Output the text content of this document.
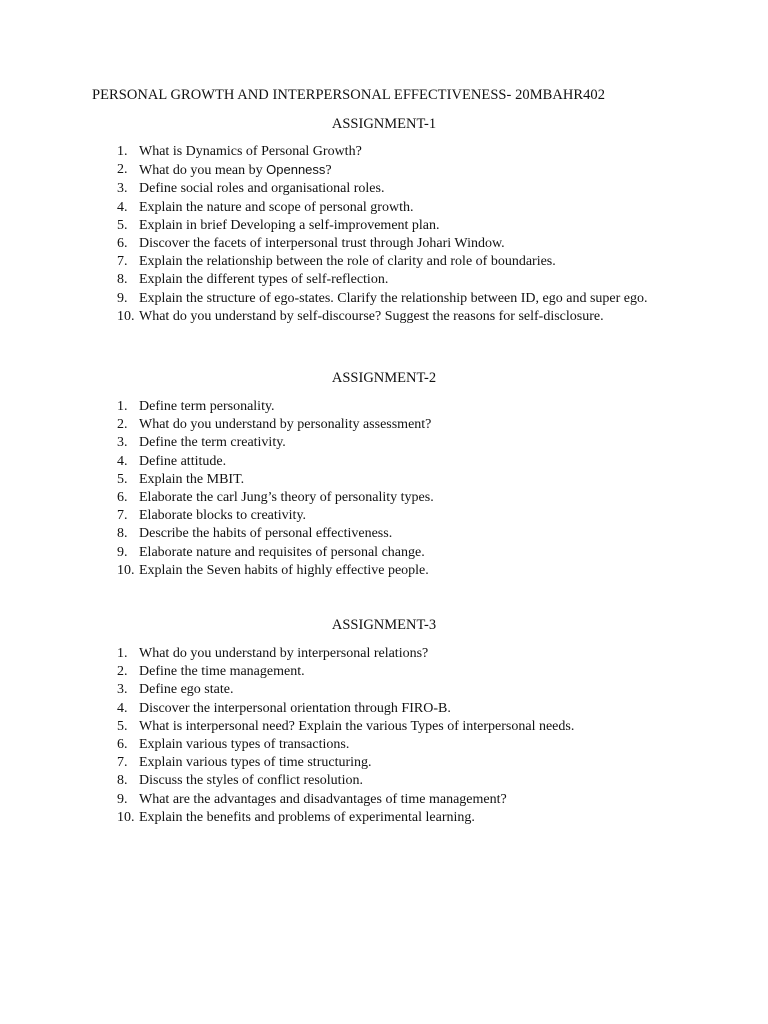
PERSONAL GROWTH AND INTERPERSONAL EFFECTIVENESS- 20MBAHR402
ASSIGNMENT-1
1. What is Dynamics of Personal Growth?
2. What do you mean by Openness?
3. Define social roles and organisational roles.
4. Explain the nature and scope of personal growth.
5. Explain in brief Developing a self-improvement plan.
6. Discover the facets of interpersonal trust through Johari Window.
7. Explain the relationship between the role of clarity and role of boundaries.
8. Explain the different types of self-reflection.
9. Explain the structure of ego-states. Clarify the relationship between ID, ego and super ego.
10. What do you understand by self-discourse? Suggest the reasons for self-disclosure.
ASSIGNMENT-2
1. Define term personality.
2. What do you understand by personality assessment?
3. Define the term creativity.
4. Define attitude.
5. Explain the MBIT.
6. Elaborate the carl Jung’s theory of personality types.
7. Elaborate blocks to creativity.
8. Describe the habits of personal effectiveness.
9. Elaborate nature and requisites of personal change.
10. Explain the Seven habits of highly effective people.
ASSIGNMENT-3
1. What do you understand by interpersonal relations?
2. Define the time management.
3. Define ego state.
4. Discover the interpersonal orientation through FIRO-B.
5. What is interpersonal need? Explain the various Types of interpersonal needs.
6. Explain various types of transactions.
7. Explain various types of time structuring.
8. Discuss the styles of conflict resolution.
9. What are the advantages and disadvantages of time management?
10. Explain the benefits and problems of experimental learning.
